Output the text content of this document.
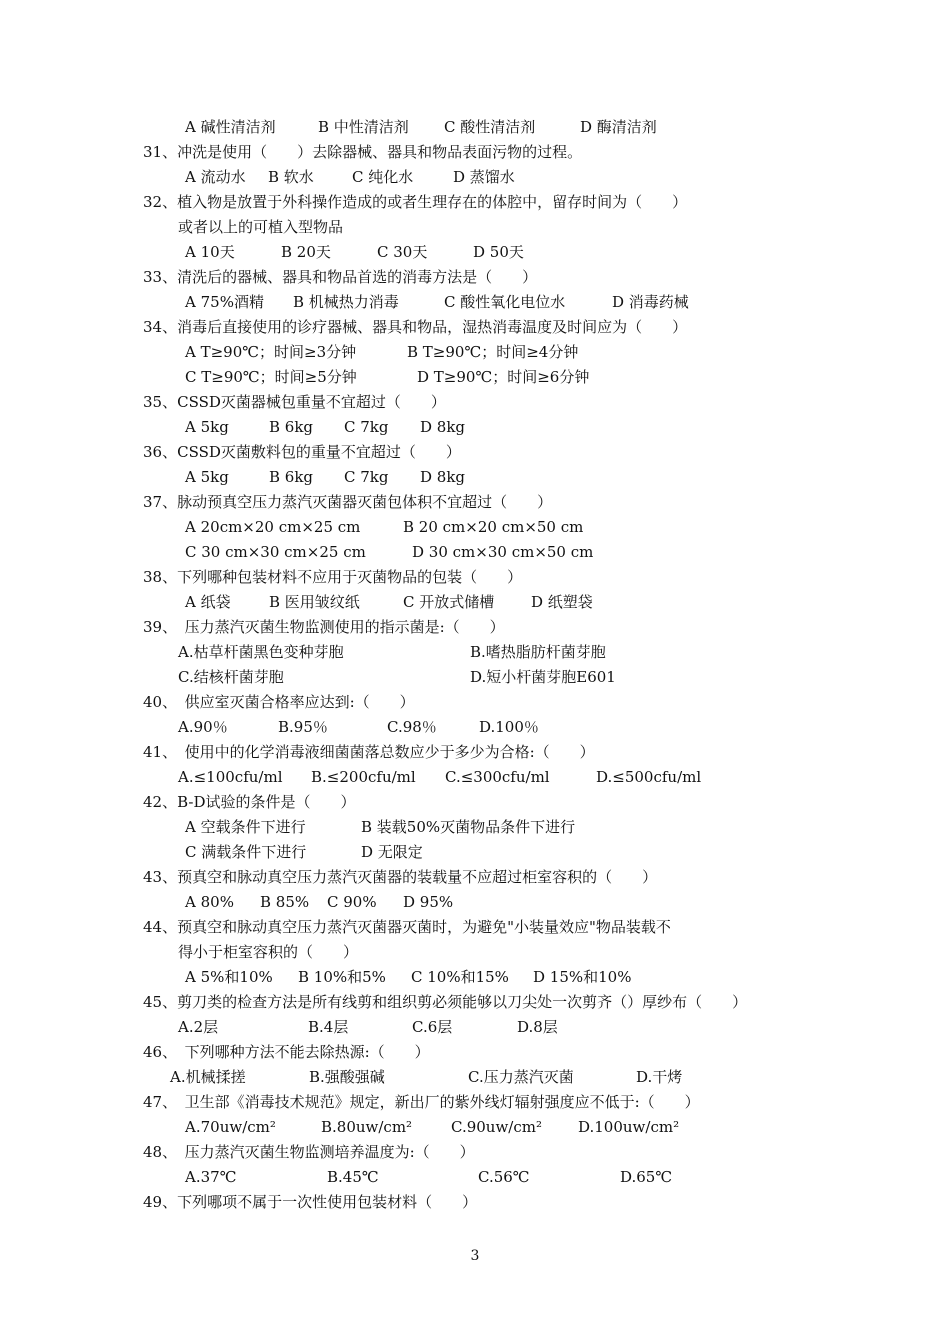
A 碱性清洁剂	B 中性清洁剂 C 酸性清洁剂	D 酶清洁剂
31、冲洗是使用（　　）去除器械、器具和物品表面污物的过程。
A 流动水 B 软水	C 纯化水	D 蒸馏水
32、植入物是放置于外科操作造成的或者生理存在的体腔中，留存时间为（　　）
或者以上的可植入型物品
A 10天	B 20天	C 30天	D 50天
33、清洗后的器械、器具和物品首选的消毒方法是（　　）
A 75%酒精 B 机械热力消毒	C 酸性氧化电位水	D 消毒药械
34、消毒后直接使用的诊疗器械、器具和物品，湿热消毒温度及时间应为（　　）
A T≥90℃；时间≥3分钟	B T≥90℃；时间≥4分钟
C T≥90℃；时间≥5分钟	D T≥90℃；时间≥6分钟
35、CSSD灭菌器械包重量不宜超过（　　）
A 5kg	B 6kg C 7kg D 8kg
36、CSSD灭菌敷料包的重量不宜超过（　　）
A 5kg	B 6kg C 7kg D 8kg
37、脉动预真空压力蒸汽灭菌器灭菌包体积不宜超过（　　）
A 20cm×20 cm×25 cm	B 20 cm×20 cm×50 cm
C 30 cm×30 cm×25 cm	D 30 cm×30 cm×50 cm
38、下列哪种包装材料不应用于灭菌物品的包装（　　）
A 纸袋	B 医用皱纹纸	C 开放式储槽 D 纸塑袋
39、　压力蒸汽灭菌生物监测使用的指示菌是:（　　）
A.枯草杆菌黑色变种芽胞	B.嗜热脂肪杆菌芽胞
C.结核杆菌芽胞	D.短小杆菌芽胞E601
40、　供应室灭菌合格率应达到:（　　）
A.90％	B.95％	C.98％	D.100％
41、　使用中的化学消毒液细菌菌落总数应少于多少为合格:（　　）
A.≤100cfu/ml B.≤200cfu/ml C.≤300cfu/ml	D.≤500cfu/ml
42、B-D试验的条件是（　　）
A 空载条件下进行	B 装载50%灭菌物品条件下进行
C 满载条件下进行	D 无限定
43、预真空和脉动真空压力蒸汽灭菌器的装载量不应超过柜室容积的（　　）
A 80% B 85% C 90% D 95%
44、预真空和脉动真空压力蒸汽灭菌器灭菌时，为避免"小装量效应"物品装载不
得小于柜室容积的（　　）
A 5%和10% B 10%和5% C 10%和15% D 15%和10%
45、剪刀类的检查方法是所有线剪和组织剪必须能够以刀尖处一次剪齐（）厚纱布（　　）
A.2层	B.4层	C.6层	D.8层
46、　下列哪种方法不能去除热源:（　　）
A.机械揉搓	B.强酸强碱	C.压力蒸汽灭菌	D.干烤
47、　卫生部《消毒技术规范》规定，新出厂的紫外线灯辐射强度应不低于:（　　）
A.70uw/cm²	B.80uw/cm²	C.90uw/cm² D.100uw/cm²
48、　压力蒸汽灭菌生物监测培养温度为:（　　）
A.37℃	B.45℃	C.56℃	D.65℃
49、下列哪项不属于一次性使用包装材料（　　）
3
